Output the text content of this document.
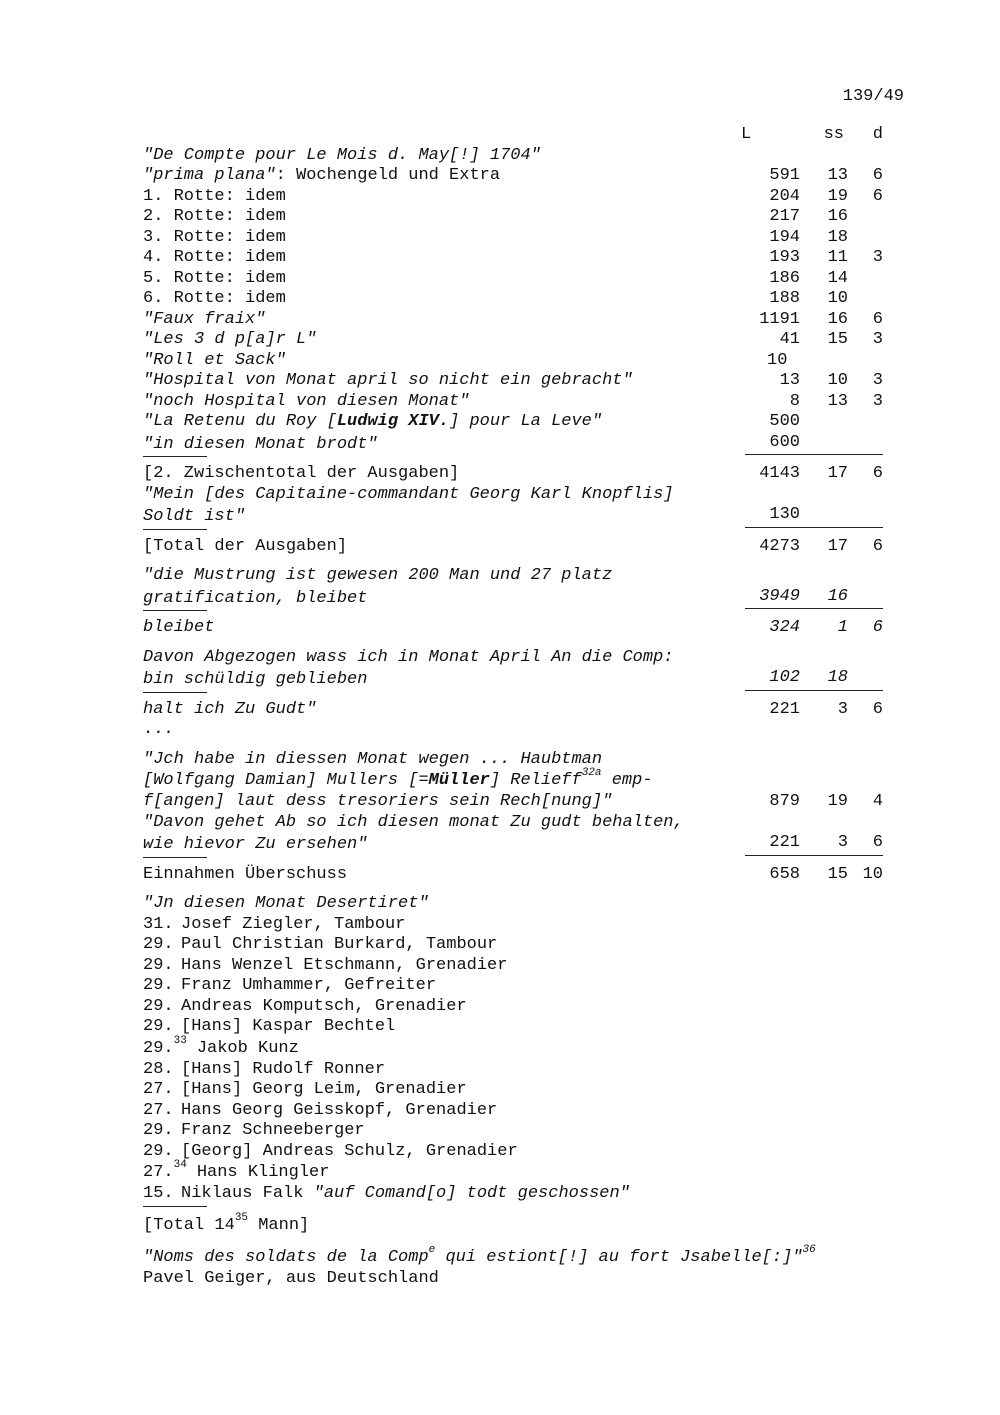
139/49
L	ss	d
"De Compte pour Le Mois d. May[!] 1704"
"prima plana": Wochengeld und Extra	591	13	6
1. Rotte: idem	204	19	6
2. Rotte: idem	217	16
3. Rotte: idem	194	18
4. Rotte: idem	193	11	3
5. Rotte: idem	186	14
6. Rotte: idem	188	10
"Faux fraix"	1191	16	6
"Les 3 d p[a]r L"	41	15	3
"Roll et Sack"	10
"Hospital von Monat april so nicht ein gebracht"	13	10	3
"noch Hospital von diesen Monat"	8	13	3
"La Retenu du Roy [Ludwig XIV.] pour La Leve"	500
"in diesen Monat brodt"	600
[2. Zwischentotal der Ausgaben]	4143	17	6
"Mein [des Capitaine-commandant Georg Karl Knopflis]
Soldt ist"	130
[Total der Ausgaben]	4273	17	6
"die Mustrung ist gewesen 200 Man und 27 platz
gratification, bleibet	3949	16
bleibet	324	1	6
Davon Abgezogen wass ich in Monat April An die Comp:
bin schüldig geblieben	102	18
halt ich Zu Gudt"	221	3	6
...
"Jch habe in diessen Monat wegen ... Haubtman
[Wolfgang Damian] Mullers [=Müller] Relieff$^{32a}$ emp-
f[angen] laut dess tresoriers sein Rech[nung]"	879	19	4
"Davon gehet Ab so ich diesen monat Zu gudt behalten,
wie hievor Zu ersehen"	221	3	6
Einnahmen Überschuss	658	15 10
"Jn diesen Monat Desertiret"
31. Josef Ziegler, Tambour
29. Paul Christian Burkard, Tambour
29. Hans Wenzel Etschmann, Grenadier
29. Franz Umhammer, Gefreiter
29. Andreas Komputsch, Grenadier
29. [Hans] Kaspar Bechtel
29.33 Jakob Kunz
28. [Hans] Rudolf Ronner
27. [Hans] Georg Leim, Grenadier
27. Hans Georg Geisskopf, Grenadier
29. Franz Schneeberger
29. [Georg] Andreas Schulz, Grenadier
27.34 Hans Klingler
15. Niklaus Falk "auf Comand[o] todt geschossen"
[Total $14^{35}$ Mann]
"Noms des soldats de la Comp$^e$ qui estiont[!] au fort Jsabelle[:]"$^{36}$
Pavel Geiger, aus Deutschland
